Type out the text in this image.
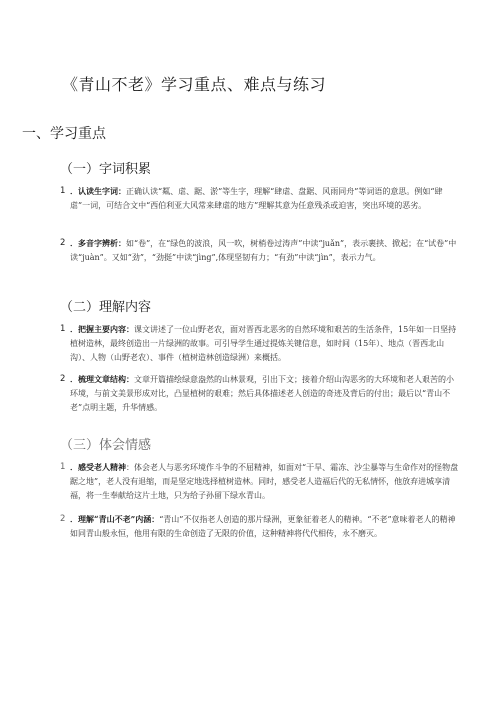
《青山不老》学习重点、难点与练习
一、学习重点
（一）字词积累
1 ．认读生字词：正确认读“粼、虐、踞、淤”等生字，理解“肆虐、盘踞、风雨同舟”等词语的意思。例如“肆虐”一词，可结合文中“西伯利亚大风常来肆虐的地方”理解其意为任意残杀或迫害，突出环境的恶劣。
2 ．多音字辨析：如“卷”，在“绿色的波浪，风一吹，树梢卷过涛声”中读“juǎn”，表示裹挟、掀起；在“试卷”中读“juàn”。又如“劲”，“劲挺”中读“jìng”,体现坚韧有力；“有劲”中读“jìn”，表示力气。
（二）理解内容
1 ．把握主要内容：课文讲述了一位山野老农，面对晋西北恶劣的自然环境和艰苦的生活条件，15年如一日坚持植树造林，最终创造出一片绿洲的故事。可引导学生通过提炼关键信息，如时间（15年）、地点（晋西北山沟）、人物（山野老农）、事件（植树造林创造绿洲）来概括。
2 ．梳理文章结构：文章开篇描绘绿意盎然的山林景观，引出下文；接着介绍山沟恶劣的大环境和老人艰苦的小环境，与前文美景形成对比，凸显植树的艰难；然后具体描述老人创造的奇迹及背后的付出；最后以“青山不老”点明主题，升华情感。
（三）体会情感
1 ．感受老人精神：体会老人与恶劣环境作斗争的不屈精神，如面对“干旱、霜冻、沙尘暴等与生命作对的怪物盘踞之地”，老人没有退缩，而是坚定地选择植树造林。同时，感受老人造福后代的无私情怀，他放弃进城享清福，将一生奉献给这片土地，只为给子孙留下绿水青山。
2 ．理解“青山不老”内涵：“青山”不仅指老人创造的那片绿洲，更象征着老人的精神。“不老”意味着老人的精神如同青山般永恒，他用有限的生命创造了无限的价值，这种精神将代代相传，永不磨灭。
